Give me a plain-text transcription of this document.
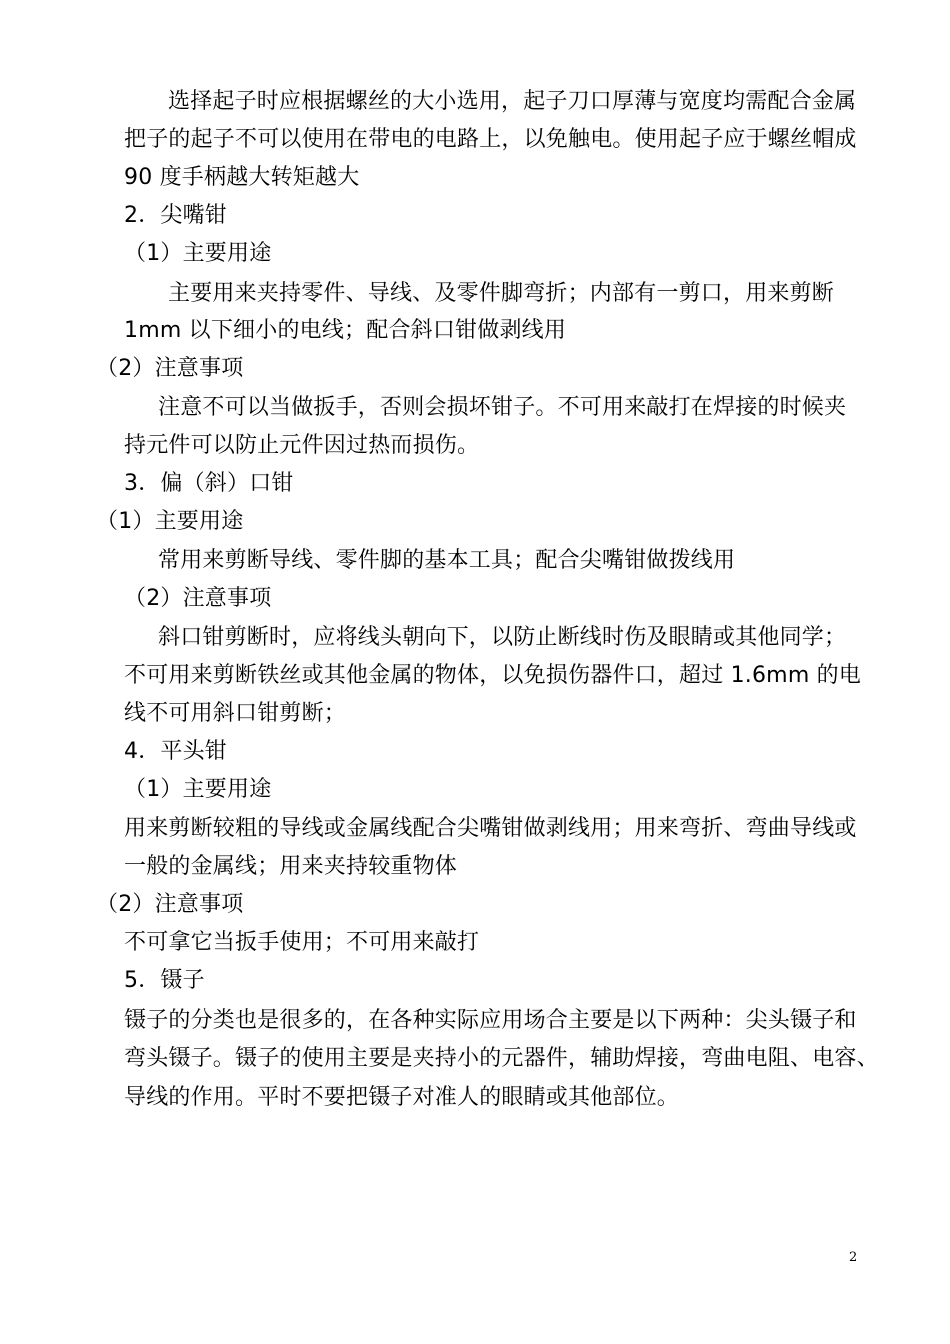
选择起子时应根据螺丝的大小选用，起子刀口厚薄与宽度均需配合金属
把子的起子不可以使用在带电的电路上，以免触电。使用起子应于螺丝帽成
90 度手柄越大转矩越大
2．尖嘴钳
（1）主要用途
主要用来夹持零件、导线、及零件脚弯折；内部有一剪口，用来剪断
1mm 以下细小的电线；配合斜口钳做剥线用
（2）注意事项
注意不可以当做扳手，否则会损坏钳子。不可用来敲打在焊接的时候夹
持元件可以防止元件因过热而损伤。
3．偏（斜）口钳
（1）主要用途
常用来剪断导线、零件脚的基本工具；配合尖嘴钳做拨线用
（2）注意事项
斜口钳剪断时，应将线头朝向下，以防止断线时伤及眼睛或其他同学；
不可用来剪断铁丝或其他金属的物体，以免损伤器件口，超过 1.6mm 的电
线不可用斜口钳剪断；
4．平头钳
（1）主要用途
用来剪断较粗的导线或金属线配合尖嘴钳做剥线用；用来弯折、弯曲导线或
一般的金属线；用来夹持较重物体
（2）注意事项
不可拿它当扳手使用；不可用来敲打
5．镊子
镊子的分类也是很多的，在各种实际应用场合主要是以下两种：尖头镊子和
弯头镊子。镊子的使用主要是夹持小的元器件，辅助焊接，弯曲电阻、电容、
导线的作用。平时不要把镊子对准人的眼睛或其他部位。
2
